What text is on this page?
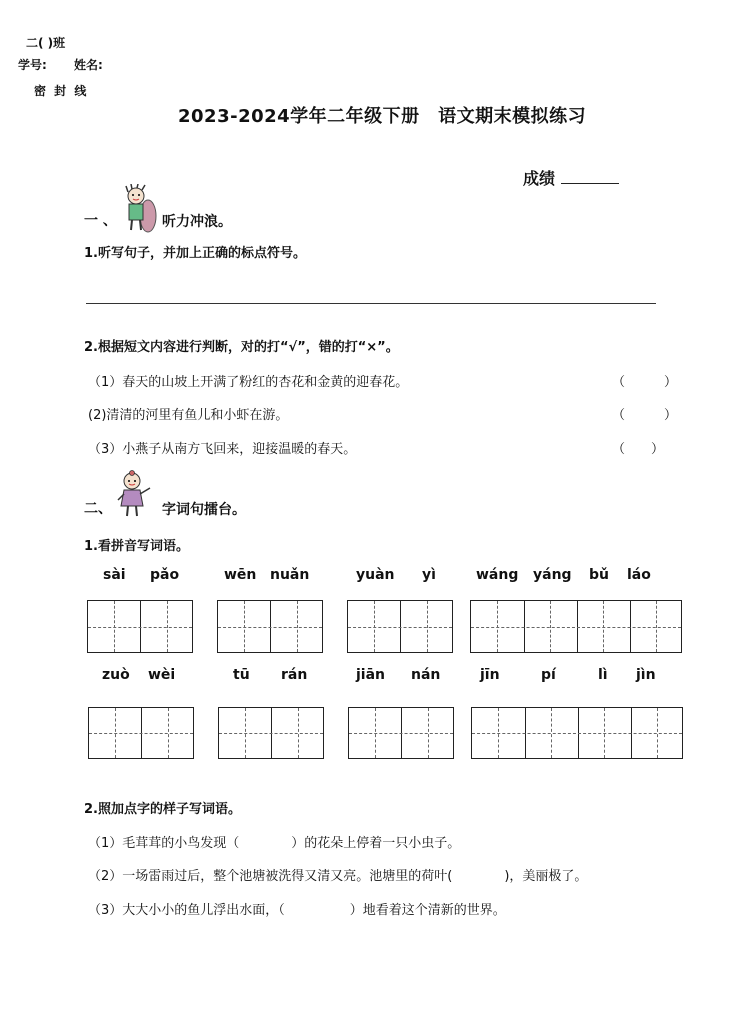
二( )班
学号: 姓名:
密 封 线
2023-2024学年二年级下册　语文期末模拟练习
成绩
一 、	听力冲浪。
1.听写句子，并加上正确的标点符号。
2.根据短文内容进行判断，对的打“√”，错的打“×”。
（1）春天的山坡上开满了粉红的杏花和金黄的迎春花。	（　　　）
(2)清清的河里有鱼儿和小虾在游。	（　　　）
（3）小燕子从南方飞回来，迎接温暖的春天。	（　　）
二、	字词句擂台。
1.看拼音写词语。
sài pǎo	wēn nuǎn	yuàn yì	wáng yáng bǔ láo
zuò wèi	tū rán	jiān nán	jīn	pí	lì jìn
2.照加点字的样子写词语。
（1）毛茸茸的小鸟发现（　　　　）的花朵上停着一只小虫子。
（2）一场雷雨过后，整个池塘被洗得又清又亮。池塘里的荷叶(　　　　)，美丽极了。
（3）大大小小的鱼儿浮出水面，（　　　　　）地看着这个清新的世界。
